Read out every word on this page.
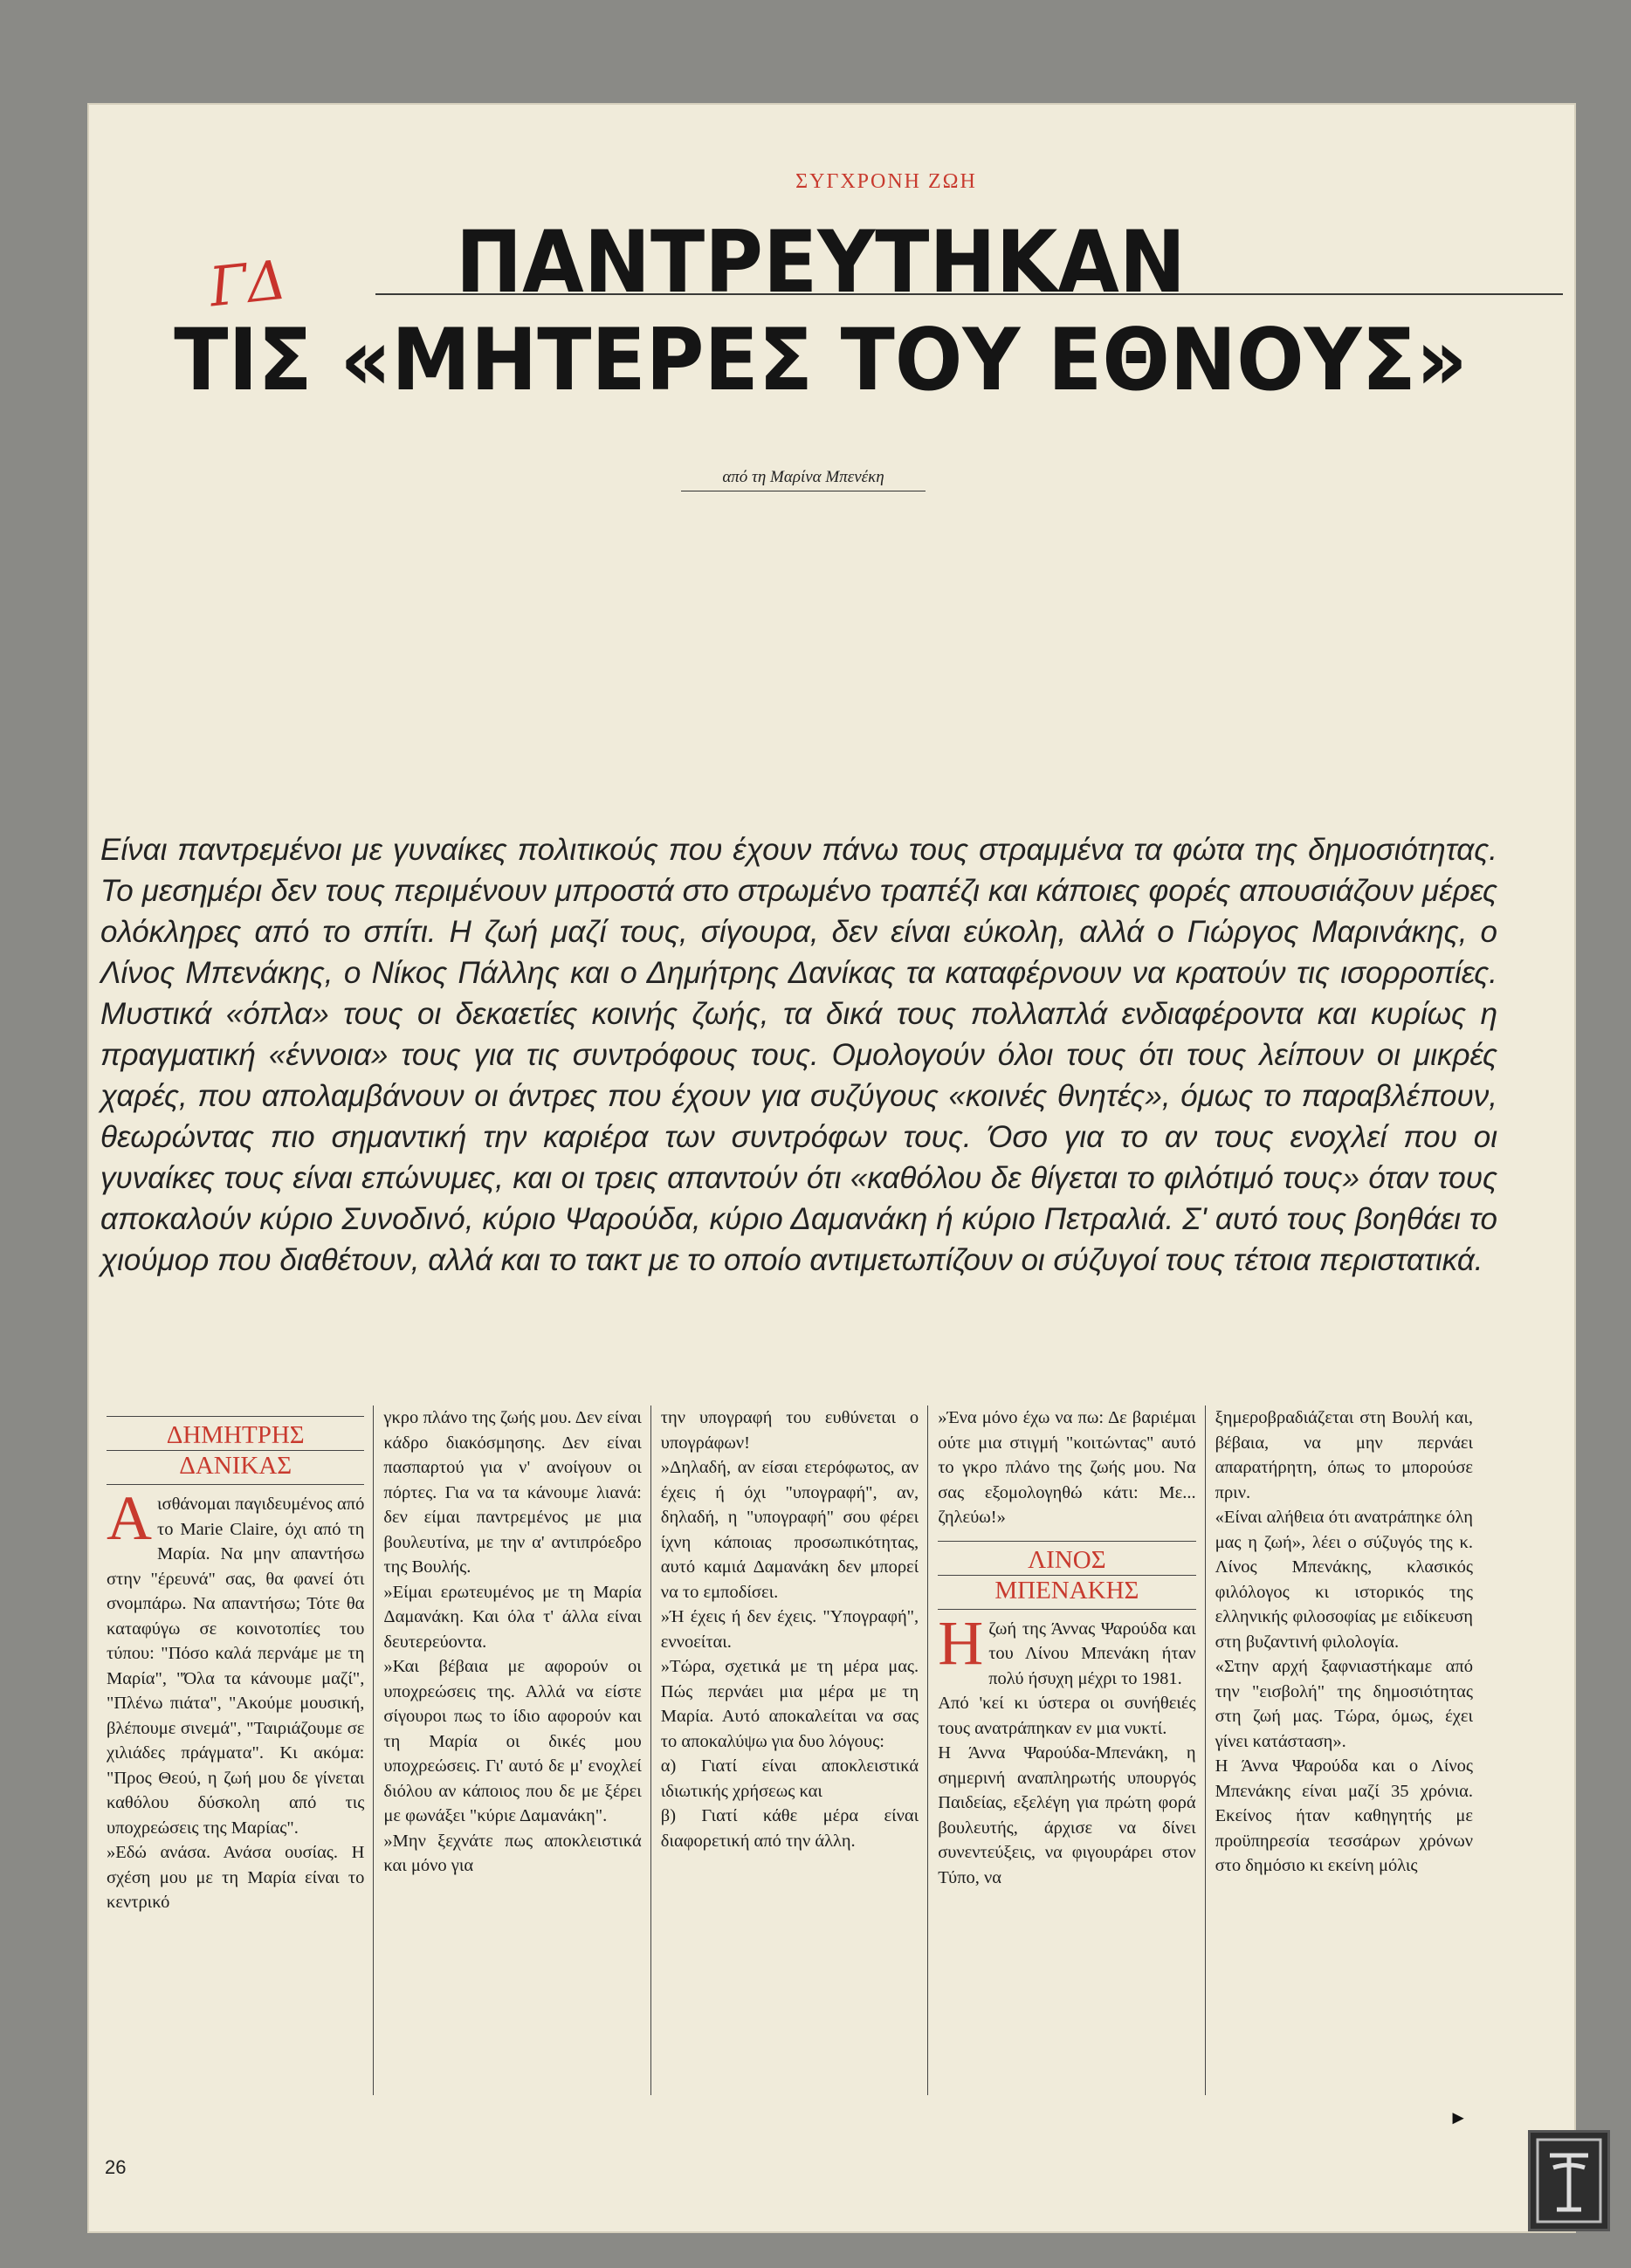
ΓΔ
ΣΥΓΧΡΟΝΗ ΖΩΗ
ΠΑΝΤΡΕΥΤΗΚΑΝ
ΤΙΣ «ΜΗΤΕΡΕΣ ΤΟΥ ΕΘΝΟΥΣ»
από τη Μαρίνα Μπενέκη
Είναι παντρεμένοι με γυναίκες πολιτικούς που έχουν πάνω τους στραμμένα τα φώτα της δημοσιότητας. Το μεσημέρι δεν τους περιμένουν μπροστά στο στρωμένο τραπέζι και κάποιες φορές απουσιάζουν μέρες ολόκληρες από το σπίτι. Η ζωή μαζί τους, σίγουρα, δεν είναι εύκολη, αλλά ο Γιώργος Μαρινάκης, ο Λίνος Μπενάκης, ο Νίκος Πάλλης και ο Δημήτρης Δανίκας τα καταφέρνουν να κρατούν τις ισορροπίες. Μυστικά «όπλα» τους οι δεκαετίες κοινής ζωής, τα δικά τους πολλαπλά ενδιαφέροντα και κυρίως η πραγματική «έννοια» τους για τις συντρόφους τους. Ομολογούν όλοι τους ότι τους λείπουν οι μικρές χαρές, που απολαμβάνουν οι άντρες που έχουν για συζύγους «κοινές θνητές», όμως το παραβλέπουν, θεωρώντας πιο σημαντική την καριέρα των συντρόφων τους. Όσο για το αν τους ενοχλεί που οι γυναίκες τους είναι επώνυμες, και οι τρεις απαντούν ότι «καθόλου δε θίγεται το φιλότιμό τους» όταν τους αποκαλούν κύριο Συνοδινό, κύριο Ψαρούδα, κύριο Δαμανάκη ή κύριο Πετραλιά. Σ' αυτό τους βοηθάει το χιούμορ που διαθέτουν, αλλά και το τακτ με το οποίο αντιμετωπίζουν οι σύζυγοί τους τέτοια περιστατικά.
ΔΗΜΗΤΡΗΣ
ΔΑΝΙΚΑΣ

Αισθάνομαι παγιδευμένος από το Marie Claire, όχι από τη Μαρία. Να μην απαντήσω στην "έρευνά" σας, θα φανεί ότι σνομπάρω. Να απαντήσω; Τότε θα καταφύγω σε κοινοτοπίες του τύπου: "Πόσο καλά περνάμε με τη Μαρία", "Όλα τα κάνουμε μαζί", "Πλένω πιάτα", "Ακούμε μουσική, βλέπουμε σινεμά", "Ταιριάζουμε σε χιλιάδες πράγματα". Κι ακόμα: "Προς Θεού, η ζωή μου δε γίνεται καθόλου δύσκολη από τις υποχρεώσεις της Μαρίας".

»Εδώ ανάσα. Ανάσα ουσίας. Η σχέση μου με τη Μαρία είναι το κεντρικό

γκρο πλάνο της ζωής μου. Δεν είναι κάδρο διακόσμησης. Δεν είναι πασπαρτού για ν' ανοίγουν οι πόρτες. Για να τα κάνουμε λιανά: δεν είμαι παντρεμένος με μια βουλευτίνα, με την α' αντιπρόεδρο της Βουλής.

»Είμαι ερωτευμένος με τη Μαρία Δαμανάκη. Και όλα τ' άλλα είναι δευτερεύοντα.

»Και βέβαια με αφορούν οι υποχρεώσεις της. Αλλά να είστε σίγουροι πως το ίδιο αφορούν και τη Μαρία οι δικές μου υποχρεώσεις. Γι' αυτό δε μ' ενοχλεί διόλου αν κάποιος που δε με ξέρει με φωνάξει "κύριε Δαμανάκη".

»Μην ξεχνάτε πως αποκλειστικά και μόνο για

την υπογραφή του ευθύνεται ο υπογράφων!

»Δηλαδή, αν είσαι ετερόφωτος, αν έχεις ή όχι "υπογραφή", αν, δηλαδή, η "υπογραφή" σου φέρει ίχνη κάποιας προσωπικότητας, αυτό καμιά Δαμανάκη δεν μπορεί να το εμποδίσει.

»Ή έχεις ή δεν έχεις. "Υπογραφή", εννοείται.

»Τώρα, σχετικά με τη μέρα μας. Πώς περνάει μια μέρα με τη Μαρία. Αυτό αποκαλείται να σας το αποκαλύψω για δυο λόγους:

α) Γιατί είναι αποκλειστικά ιδιωτικής χρήσεως και

β) Γιατί κάθε μέρα είναι διαφορετική από την άλλη.

»Ένα μόνο έχω να πω: Δε βαριέμαι ούτε μια στιγμή "κοιτώντας" αυτό το γκρο πλάνο της ζωής μου. Να σας εξομολογηθώ κάτι: Με... ζηλεύω!»

ΛΙΝΟΣ
ΜΠΕΝΑΚΗΣ

Ηζωή της Άννας Ψαρούδα και του Λίνου Μπενάκη ήταν πολύ ήσυχη μέχρι το 1981.

Από 'κεί κι ύστερα οι συνήθειές τους ανατράπηκαν εν μια νυκτί.

Η Άννα Ψαρούδα-Μπενάκη, η σημερινή αναπληρωτής υπουργός Παιδείας, εξελέγη για πρώτη φορά βουλευτής, άρχισε να δίνει συνεντεύξεις, να φιγουράρει στον Τύπο, να

ξημεροβραδιάζεται στη Βουλή και, βέβαια, να μην περνάει απαρατήρητη, όπως το μπορούσε πριν.

«Είναι αλήθεια ότι ανατράπηκε όλη μας η ζωή», λέει ο σύζυγός της κ. Λίνος Μπενάκης, κλασικός φιλόλογος κι ιστορικός της ελληνικής φιλοσοφίας με ειδίκευση στη βυζαντινή φιλολογία.

«Στην αρχή ξαφνιαστήκαμε από την "εισβολή" της δημοσιότητας στη ζωή μας. Τώρα, όμως, έχει γίνει κατάσταση».

Η Άννα Ψαρούδα και ο Λίνος Μπενάκης είναι μαζί 35 χρόνια. Εκείνος ήταν καθηγητής με προϋπηρεσία τεσσάρων χρόνων στο δημόσιο κι εκείνη μόλις

►
26
